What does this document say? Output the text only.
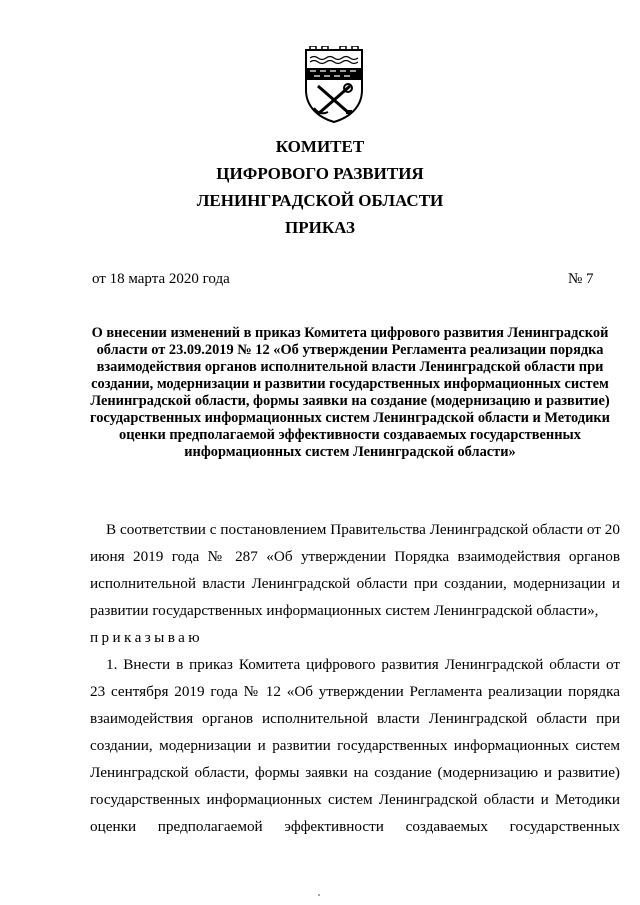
КОМИТЕТ
ЦИФРОВОГО РАЗВИТИЯ
ЛЕНИНГРАДСКОЙ ОБЛАСТИ
ПРИКАЗ
от 18 марта 2020 года	№ 7
О внесении изменений в приказ Комитета цифрового развития Ленинградской
области от 23.09.2019 № 12 «Об утверждении Регламента реализации порядка
взаимодействия органов исполнительной власти Ленинградской области при
создании, модернизации и развитии государственных информационных систем
Ленинградской области, формы заявки на создание (модернизацию и развитие)
государственных информационных систем Ленинградской области и Методики
оценки предполагаемой эффективности создаваемых государственных
информационных систем Ленинградской области»
В соответствии с постановлением Правительства Ленинградской области от 20
июня 2019 года № 287 «Об утверждении Порядка взаимодействия органов
исполнительной власти Ленинградской области при создании, модернизации и
развитии государственных информационных систем Ленинградской области»,
приказываю
1. Внести в приказ Комитета цифрового развития Ленинградской области от
23 сентября 2019 года № 12 «Об утверждении Регламента реализации порядка
взаимодействия органов исполнительной власти Ленинградской области при
создании, модернизации и развитии государственных информационных систем
Ленинградской области, формы заявки на создание (модернизацию и развитие)
государственных информационных систем Ленинградской области и Методики
оценки предполагаемой эффективности создаваемых государственных
